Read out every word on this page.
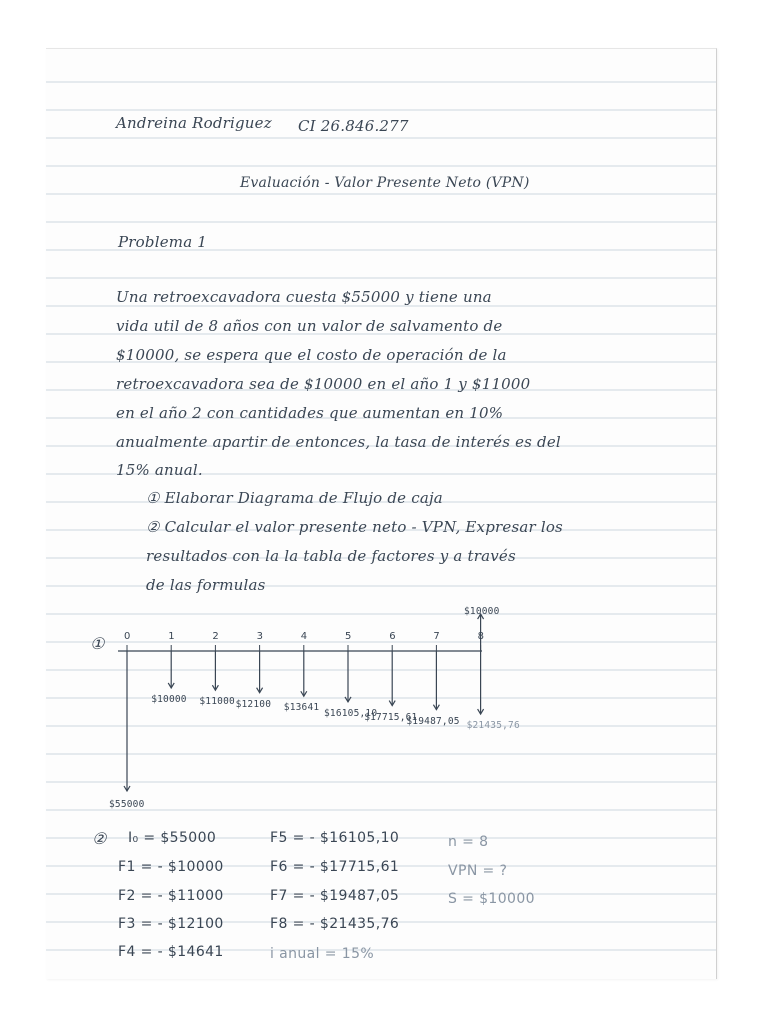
Andreina Rodriguez CI 26.846.277
Evaluación - Valor Presente Neto (VPN)
Problema 1
Una retroexcavadora cuesta $55000 y tiene una
vida util de 8 años con un valor de salvamento de
$10000, se espera que el costo de operación de la
retroexcavadora sea de $10000 en el año 1 y $11000
en el año 2 con cantidades que aumentan en 10%
anualmente apartir de entonces, la tasa de interés es del
15% anual.
① Elaborar Diagrama de Flujo de caja
② Calcular el valor presente neto - VPN, Expresar los
resultados con la la tabla de factores y a través
de las formulas
① 0	1	2	3	4	5	6	7	8
$55000
$10000 $11000 $12100 $13641
$16105,10
$17715,61
$19487,05 $21435,76
$10000
② I₀ = $55000
F1 = - $10000
F2 = - $11000
F3 = - $12100
F4 = - $14641
F5 = - $16105,10
F6 = - $17715,61
F7 = - $19487,05
F8 = - $21435,76
i anual = 15%
n = 8
VPN = ?
S = $10000
